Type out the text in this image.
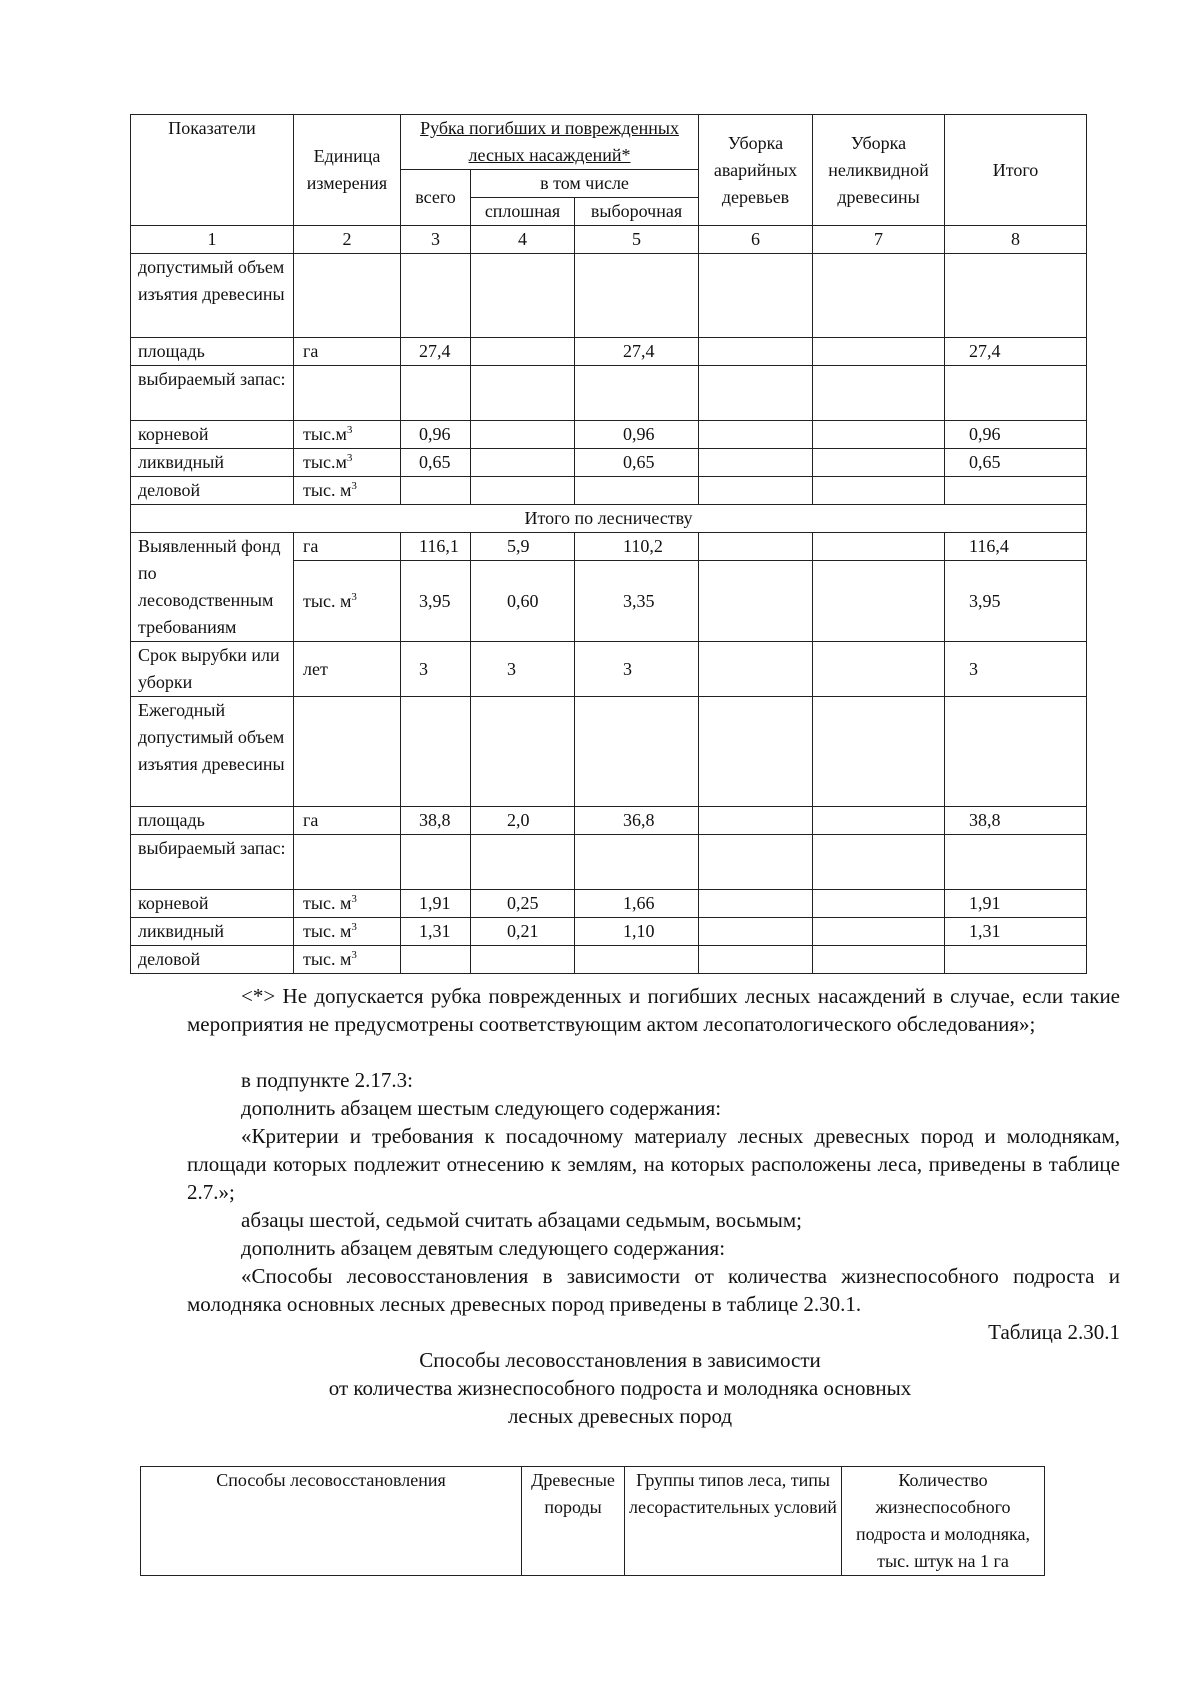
Показатели	Единица измерения	Рубка погибших и поврежденных лесных насаждений*			Уборка аварийных деревьев	Уборка неликвидной древесины	Итого
		всего	в том числе				
			сплошная	выборочная			
1	2	3	4	5	6	7	8
допустимый объем изъятия древесины							
площадь	га	27,4		27,4			27,4
выбираемый запас:							
корневой	$тыс.м^3$	0,96		0,96			0,96
ликвидный	$тыс.м^3$	0,65		0,65			0,65
деловой	тыс. $м^3$						
Итого по лесничеству							
Выявленный фонд по лесоводственным требованиям	га	116,1	5,9	110,2			116,4
	тыс. $м^3$	3,95	0,60	3,35			3,95
Срок вырубки или уборки	лет	3	3	3			3
Ежегодный допустимый объем изъятия древесины							
площадь	га	38,8	2,0	36,8			38,8
выбираемый запас:							
корневой	тыс. $м^3$	1,91	0,25	1,66			1,91
ликвидный	тыс. $м^3$	1,31	0,21	1,10			1,31
деловой	тыс. $м^3$						
<*> Не допускается рубка поврежденных и погибших лесных насаждений в случае, если такие мероприятия не предусмотрены соответствующим актом лесопатологического обследования»;
в подпункте 2.17.3:
дополнить абзацем шестым следующего содержания:
«Критерии и требования к посадочному материалу лесных древесных пород и молоднякам, площади которых подлежит отнесению к землям, на которых расположены леса, приведены в таблице 2.7.»;
абзацы шестой, седьмой считать абзацами седьмым, восьмым;
дополнить абзацем девятым следующего содержания:
«Способы лесовосстановления в зависимости от количества жизнеспособного подроста и молодняка основных лесных древесных пород приведены в таблице 2.30.1.
Таблица 2.30.1
Способы лесовосстановления в зависимости
от количества жизнеспособного подроста и молодняка основных
лесных древесных пород
Способы лесовосстановления	Древесные породы	Группы типов леса, типы лесорастительных условий	Количество жизнеспособного подроста и молодняка, тыс. штук на 1 га
